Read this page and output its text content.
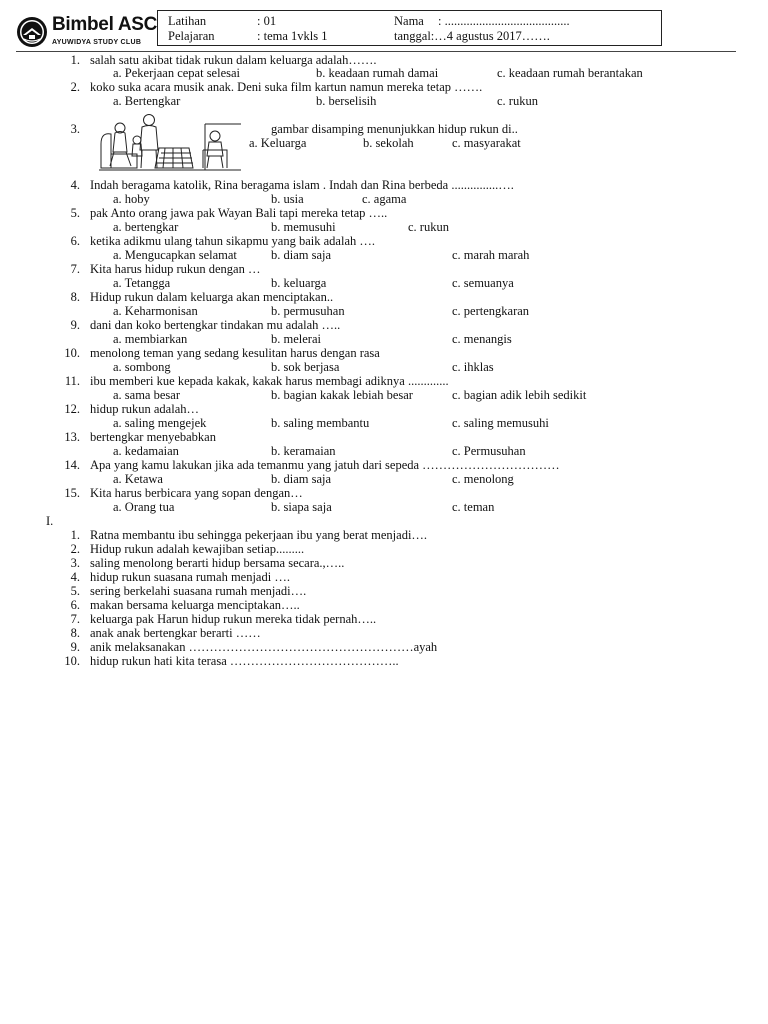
Bimbel ASC
AYUWIDYA STUDY CLUB
Latihan	: 01	Nama : ........................................
Pelajaran	: tema 1vkls 1	tanggal:…4 agustus 2017…….
1. salah satu akibat tidak rukun dalam keluarga adalah…….
a. Pekerjaan cepat selesai	b. keadaan rumah damai	c. keadaan rumah berantakan
2. koko suka acara musik anak. Deni suka film kartun namun mereka tetap …….
a. Bertengkar	b. berselisih	c. rukun
3.	gambar disamping menunjukkan hidup rukun di..
a. Keluarga	b. sekolah	c. masyarakat
4. Indah beragama katolik, Rina beragama islam . Indah dan Rina berbeda ...............….
a. hoby	b. usia	c. agama
5. pak Anto orang jawa pak Wayan Bali tapi mereka tetap …..
a. bertengkar	b. memusuhi	c. rukun
6. ketika adikmu ulang tahun sikapmu yang baik adalah ….
a. Mengucapkan selamat	b. diam saja	c. marah marah
7. Kita harus hidup rukun dengan …
a. Tetangga	b. keluarga	c. semuanya
8. Hidup rukun dalam keluarga akan menciptakan..
a. Keharmonisan	b. permusuhan	c. pertengkaran
9. dani dan koko bertengkar tindakan mu adalah …..
a. membiarkan	b. melerai	c. menangis
10. menolong teman yang sedang kesulitan harus dengan rasa
a. sombong	b. sok berjasa	c. ihklas
11. ibu memberi kue kepada kakak, kakak harus membagi adiknya .............
a. sama besar	b. bagian kakak lebiah besar	c. bagian adik lebih sedikit
12. hidup rukun adalah…
a. saling mengejek	b. saling membantu	c. saling memusuhi
13. bertengkar menyebabkan
a. kedamaian	b. keramaian	c. Permusuhan
14. Apa yang kamu lakukan jika ada temanmu yang jatuh dari sepeda ……………………………
a. Ketawa	b. diam saja	c. menolong
15. Kita harus berbicara yang sopan dengan…
a. Orang tua	b. siapa saja	c. teman
I.
1. Ratna membantu ibu sehingga pekerjaan ibu yang berat menjadi….
2. Hidup rukun adalah kewajiban setiap.........
3. saling menolong berarti hidup bersama secara.,…..
4. hidup rukun suasana rumah menjadi ….
5. sering berkelahi suasana rumah menjadi….
6. makan bersama keluarga menciptakan…..
7. keluarga pak Harun hidup rukun mereka tidak pernah…..
8. anak anak bertengkar berarti ……
9. anik melaksanakan ………………………………………………ayah
10. hidup rukun hati kita terasa …………………………………..
